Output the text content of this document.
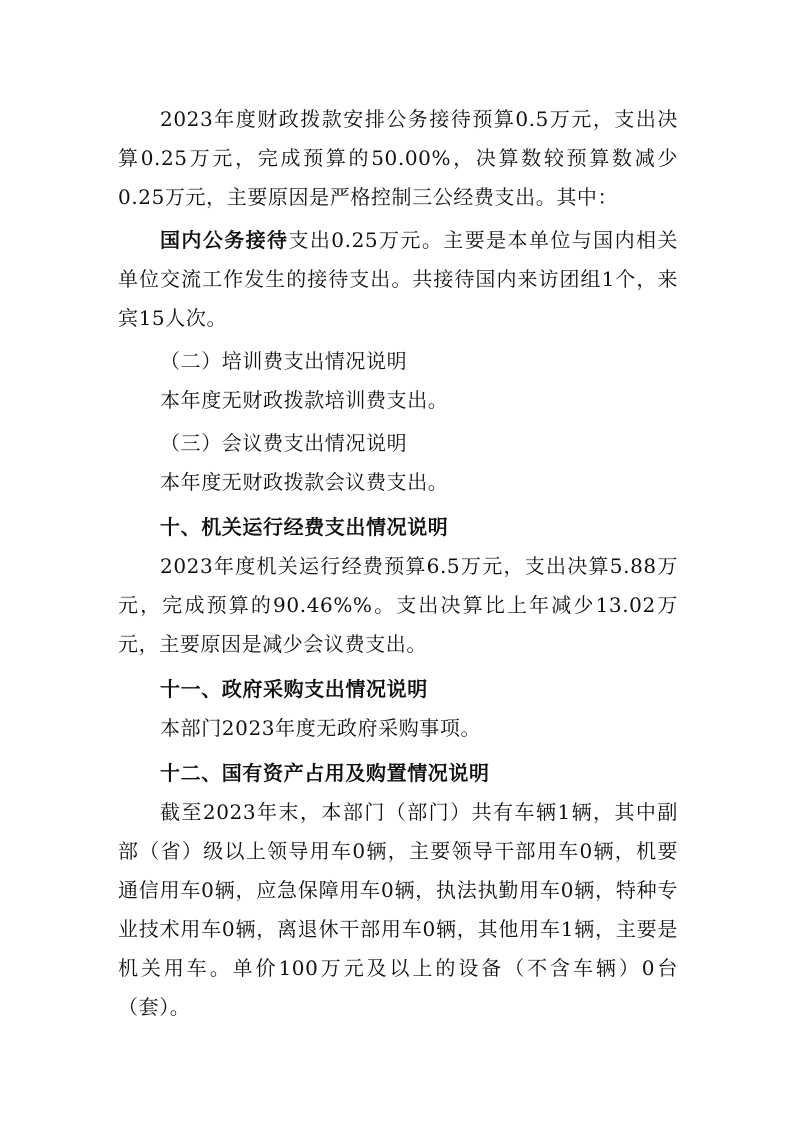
2023年度财政拨款安排公务接待预算0.5万元，支出决算0.25万元，完成预算的50.00%，决算数较预算数减少0.25万元，主要原因是严格控制三公经费支出。其中：

国内公务接待支出0.25万元。主要是本单位与国内相关单位交流工作发生的接待支出。共接待国内来访团组1个，来宾15人次。

（二）培训费支出情况说明

本年度无财政拨款培训费支出。

（三）会议费支出情况说明

本年度无财政拨款会议费支出。

十、机关运行经费支出情况说明

2023年度机关运行经费预算6.5万元，支出决算5.88万元，完成预算的90.46%%。支出决算比上年减少13.02万元，主要原因是减少会议费支出。

十一、政府采购支出情况说明

本部门2023年度无政府采购事项。

十二、国有资产占用及购置情况说明

截至2023年末，本部门（部门）共有车辆1辆，其中副部（省）级以上领导用车0辆，主要领导干部用车0辆，机要通信用车0辆，应急保障用车0辆，执法执勤用车0辆，特种专业技术用车0辆，离退休干部用车0辆，其他用车1辆，主要是机关用车。单价100万元及以上的设备（不含车辆）0台（套）。
